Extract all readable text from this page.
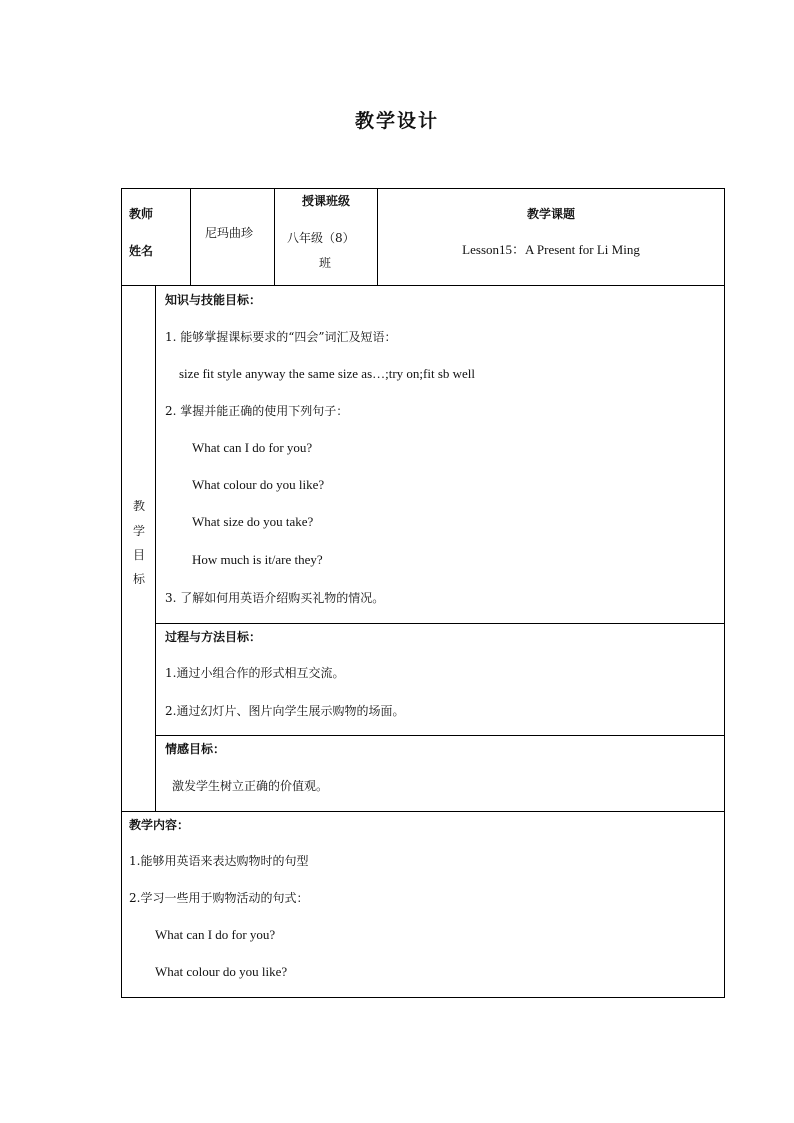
教学设计
教师
姓名
尼玛曲珍
授课班级
八年级（8）
班
教学课题
Lesson15：A Present for Li Ming
教
学
目
标
知识与技能目标：
1. 能够掌握课标要求的“四会”词汇及短语：
size fit style anyway the same size as…;try on;fit sb well
2. 掌握并能正确的使用下列句子：
What can I do for you?
What colour do you like?
What size do you take?
How much is it/are they?
3. 了解如何用英语介绍购买礼物的情况。
过程与方法目标：
1.通过小组合作的形式相互交流。
2.通过幻灯片、图片向学生展示购物的场面。
情感目标：
激发学生树立正确的价值观。
教学内容：
1.能够用英语来表达购物时的句型
2.学习一些用于购物活动的句式：
What can I do for you?
What colour do you like?
